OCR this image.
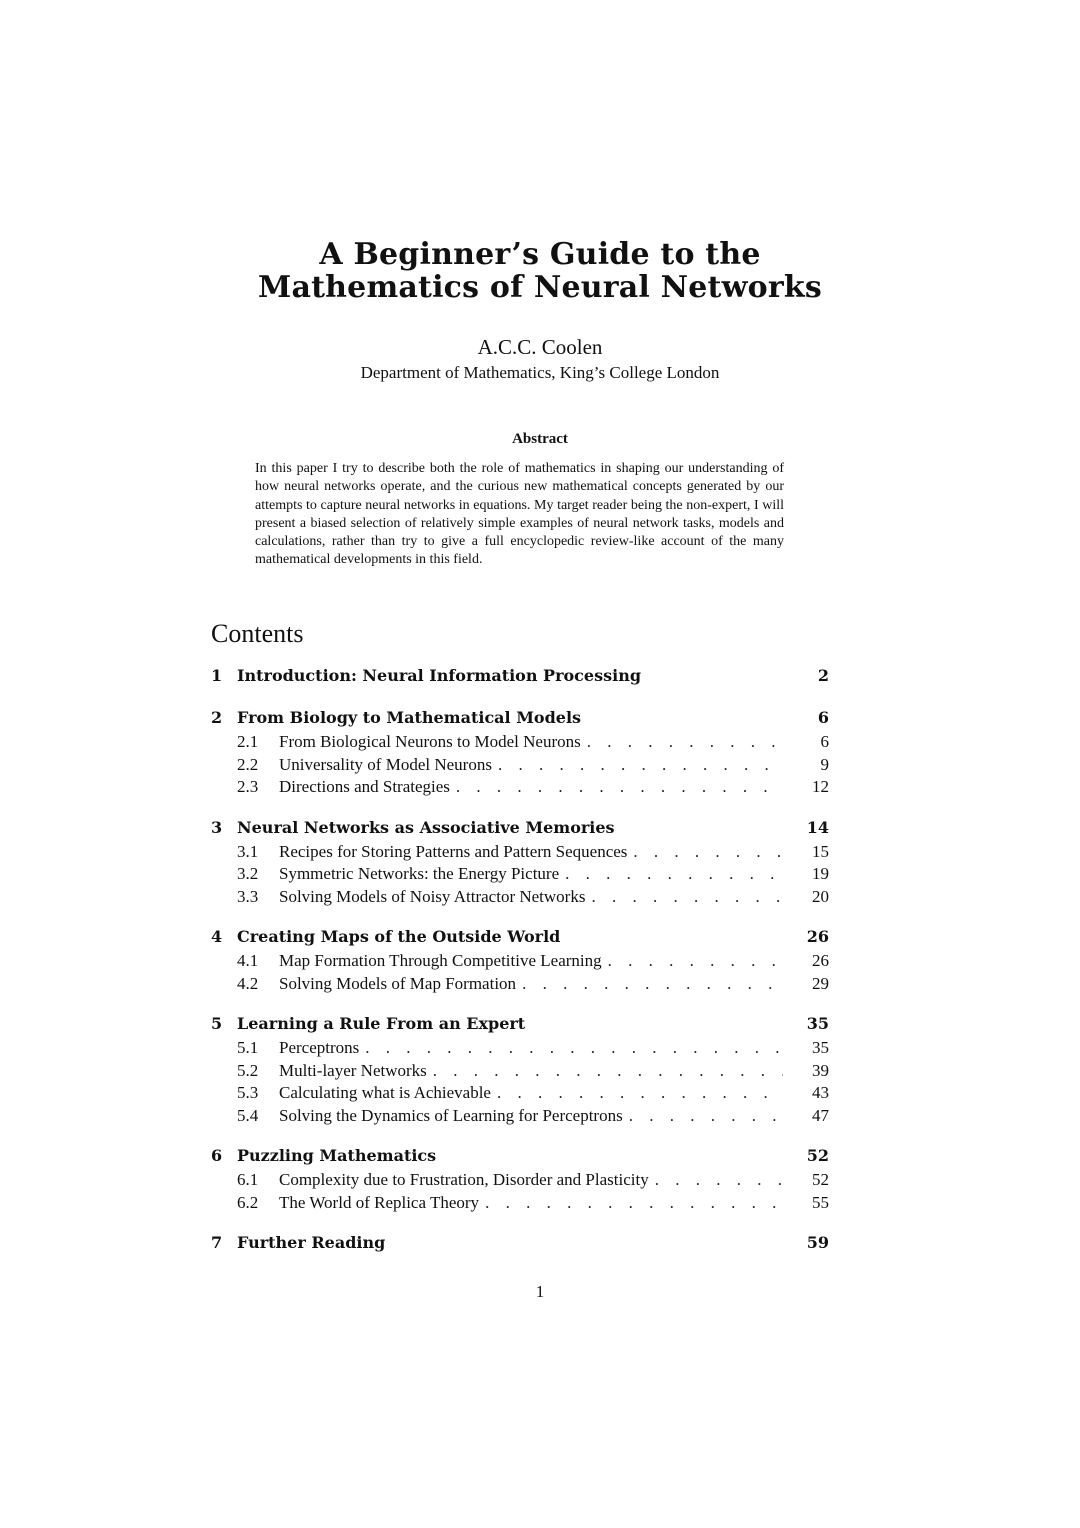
A Beginner’s Guide to the
Mathematics of Neural Networks
A.C.C. Coolen
Department of Mathematics, King’s College London
Abstract
In this paper I try to describe both the role of mathematics in shaping our understanding of how neural networks operate, and the curious new mathematical concepts generated by our attempts to capture neural networks in equations. My target reader being the non-expert, I will present a biased selection of relatively simple examples of neural network tasks, models and calculations, rather than try to give a full encyclopedic review-like account of the many mathematical developments in this field.
Contents
1 Introduction: Neural Information Processing	2
2 From Biology to Mathematical Models	6
2.1	From Biological Neurons to Model Neurons . . .	6
2.2	Universality of Model Neurons . . .	9
2.3	Directions and Strategies . . .	12
3 Neural Networks as Associative Memories	14
3.1	Recipes for Storing Patterns and Pattern Sequences . . .	15
3.2	Symmetric Networks: the Energy Picture . . .	19
3.3	Solving Models of Noisy Attractor Networks . . .	20
4 Creating Maps of the Outside World	26
4.1	Map Formation Through Competitive Learning . . .	26
4.2	Solving Models of Map Formation . . .	29
5 Learning a Rule From an Expert	35
5.1	Perceptrons . . .	35
5.2	Multi-layer Networks . . .	39
5.3	Calculating what is Achievable . . .	43
5.4	Solving the Dynamics of Learning for Perceptrons . . .	47
6 Puzzling Mathematics	52
6.1	Complexity due to Frustration, Disorder and Plasticity . . .	52
6.2	The World of Replica Theory . . .	55
7 Further Reading	59
1
